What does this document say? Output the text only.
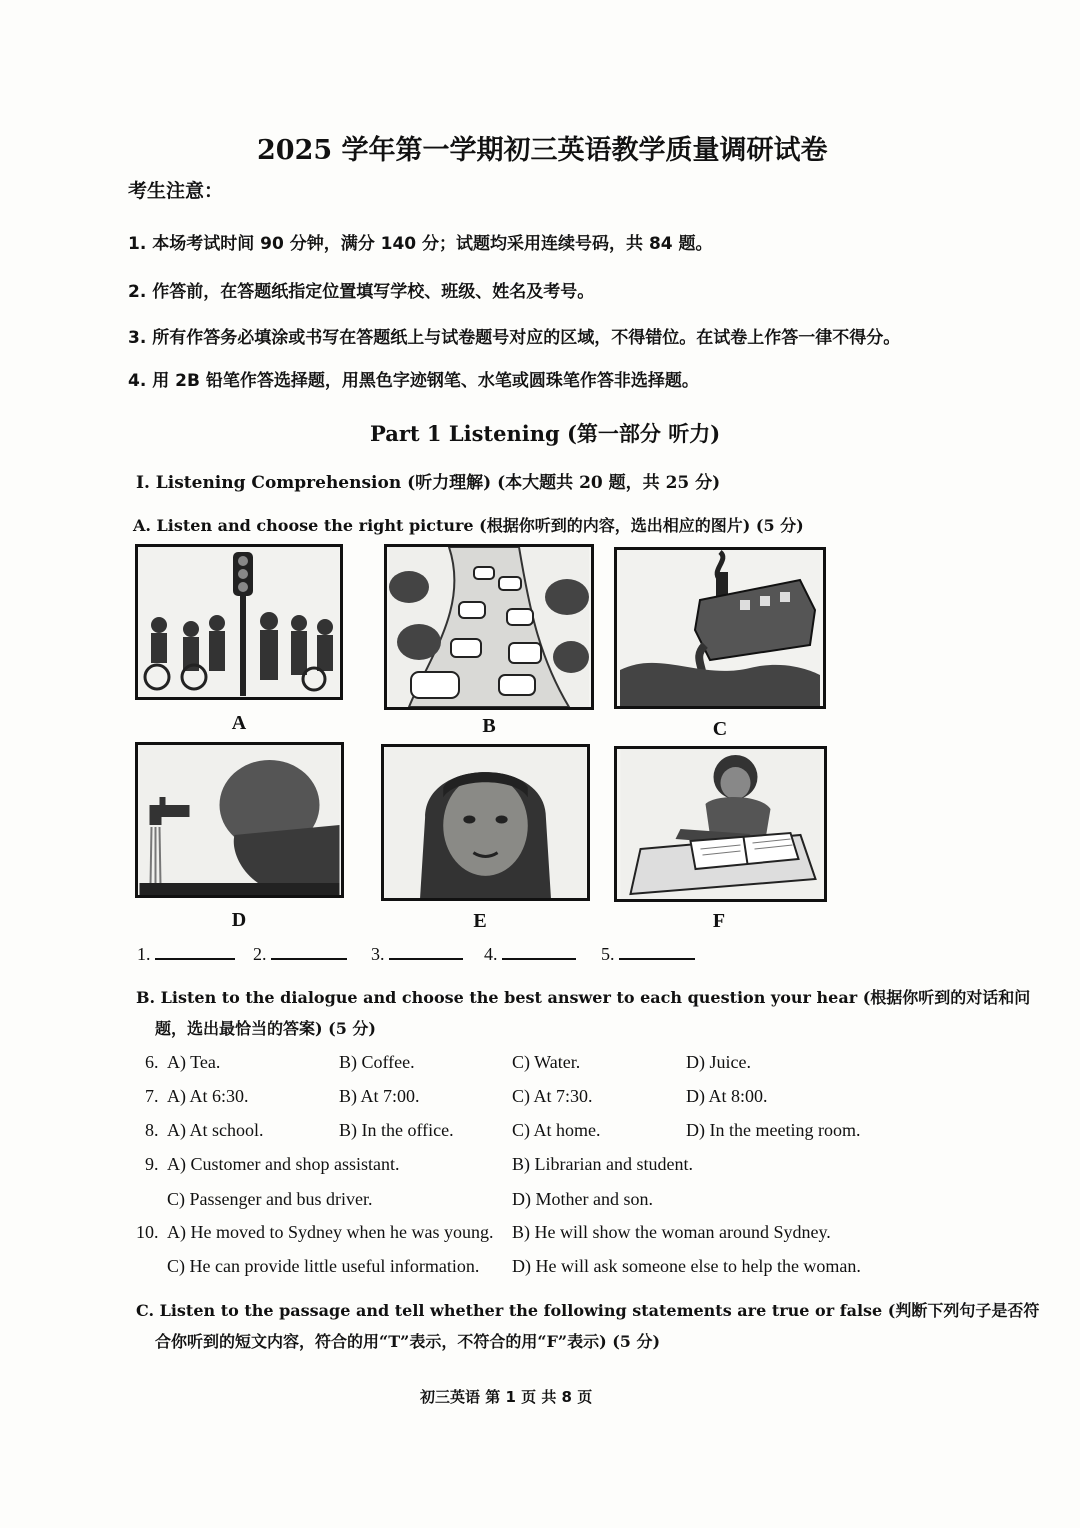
2025 学年第一学期初三英语教学质量调研试卷
考生注意：
1. 本场考试时间 90 分钟，满分 140 分；试题均采用连续号码，共 84 题。
2. 作答前，在答题纸指定位置填写学校、班级、姓名及考号。
3. 所有作答务必填涂或书写在答题纸上与试卷题号对应的区域，不得错位。在试卷上作答一律不得分。
4. 用 2B 铅笔作答选择题，用黑色字迹钢笔、水笔或圆珠笔作答非选择题。
Part 1 Listening (第一部分 听力)
I. Listening Comprehension (听力理解) (本大题共 20 题，共 25 分)
A. Listen and choose the right picture (根据你听到的内容，选出相应的图片) (5 分)
A	B	C
D	E	F
1.	2.	3.	4.	5.
B. Listen to the dialogue and choose the best answer to each question your hear (根据你听到的对话和问
题，选出最恰当的答案) (5 分)
6. A) Tea.	B) Coffee.	C) Water.	D) Juice.
7. A) At 6:30.	B) At 7:00.	C) At 7:30.	D) At 8:00.
8. A) At school.	B) In the office.	C) At home.	D) In the meeting room.
9. A) Customer and shop assistant.	B) Librarian and student.
C) Passenger and bus driver.	D) Mother and son.
10. A) He moved to Sydney when he was young. B) He will show the woman around Sydney.
C) He can provide little useful information. D) He will ask someone else to help the woman.
C. Listen to the passage and tell whether the following statements are true or false (判断下列句子是否符
合你听到的短文内容，符合的用“T”表示，不符合的用“F”表示) (5 分)
初三英语 第 1 页 共 8 页
